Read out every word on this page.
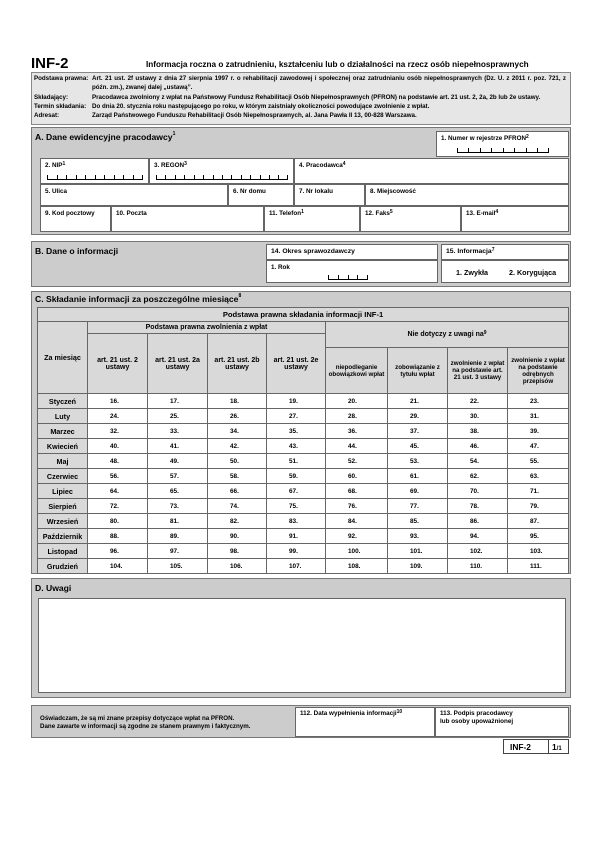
INF-2	Informacja roczna o zatrudnieniu, kształceniu lub o działalności na rzecz osób niepełnosprawnych
Podstawa prawna: Art. 21 ust. 2f ustawy z dnia 27 sierpnia 1997 r. o rehabilitacji zawodowej i społecznej oraz zatrudnianiu osób niepełnosprawnych (Dz. U. z 2011 r. poz. 721, z późn. zm.), zwanej dalej „ustawą”.
Składający:	Pracodawca zwolniony z wpłat na Państwowy Fundusz Rehabilitacji Osób Niepełnosprawnych (PFRON) na podstawie art. 21 ust. 2, 2a, 2b lub 2e ustawy.
Termin składania: Do dnia 20. stycznia roku następującego po roku, w którym zaistniały okoliczności powodujące zwolnienie z wpłat.
Adresat:	Zarząd Państwowego Funduszu Rehabilitacji Osób Niepełnosprawnych, al. Jana Pawła II 13, 00-828 Warszawa.
A. Dane ewidencyjne pracodawcy$^1$
1. Numer w rejestrze PFRON$^2$
2. NIP$^1$	3. REGON$^3$	4. Pracodawca$^4$
5. Ulica	6. Nr domu	7. Nr lokalu	8. Miejscowość
9. Kod pocztowy	10. Poczta	11. Telefon$^1$	12. Faks$^5$	13. E-mail$^4$
B. Dane o informacji	14. Okres sprawozdawczy
1. Rok
15. Informacja$^7$
1. Zwykła	2. Korygująca
C. Składanie informacji za poszczególne miesiące$^8$
Podstawa prawna składania informacji INF-1								
Za miesiąc	Podstawa prawna zwolnienia z wpłat				Nie dotyczy z uwagi $na^9$
	art. 21 ust. 2 ustawy	art. 21 ust. 2a ustawy	art. 21 ust. 2b ustawy	art. 21 ust. 2e ustawy				
					niepodleganie obowiązkowi wpłat	zobowiązanie z tytułu wpłat	zwolnienie z wpłat na podstawie art. 21 ust. 3 ustawy	zwolnienie z wpłat na podstawie odrębnych przepisów
Styczeń	16.	17.	18.	19.	20.	21.	22.	23.
Luty	24.	25.	26.	27.	28.	29.	30.	31.
Marzec	32.	33.	34.	35.	36.	37.	38.	39.
Kwiecień	40.	41.	42.	43.	44.	45.	46.	47.
Maj	48.	49.	50.	51.	52.	53.	54.	55.
Czerwiec	56.	57.	58.	59.	60.	61.	62.	63.
Lipiec	64.	65.	66.	67.	68.	69.	70.	71.
Sierpień	72.	73.	74.	75.	76.	77.	78.	79.
Wrzesień	80.	81.	82.	83.	84.	85.	86.	87.
Październik	88.	89.	90.	91.	92.	93.	94.	95.
Listopad	96.	97.	98.	99.	100.	101.	102.	103.
Grudzień	104.	105.	106.	107.	108.	109.	110.	111.
D. Uwagi
Oświadczam, że są mi znane przepisy dotyczące wpłat na PFRON.
Dane zawarte w informacji są zgodne ze stanem prawnym i faktycznym.
112. Data wypełnienia informacji$^{10}$	113. Podpis pracodawcy
lub osoby upoważnionej
INF-2	1/1
